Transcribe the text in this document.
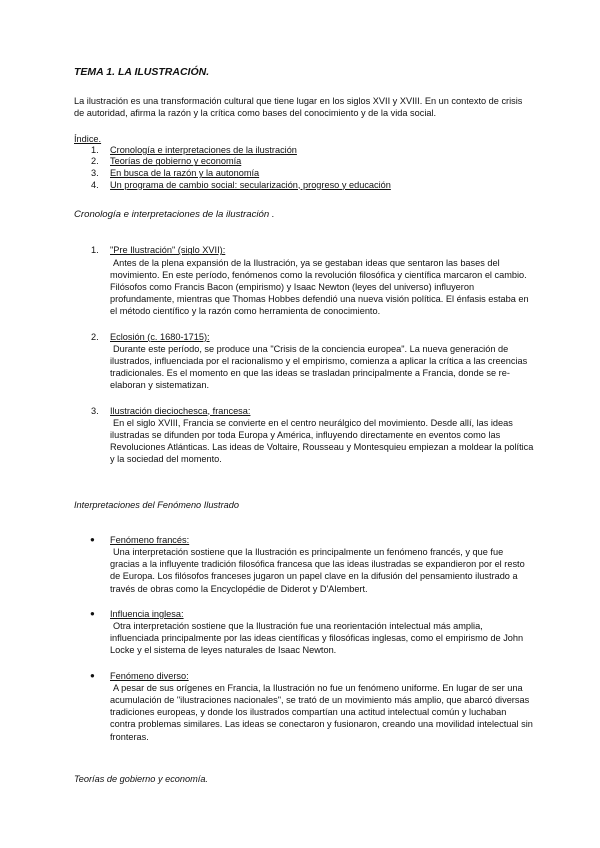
TEMA 1. LA ILUSTRACIÓN.

La ilustración es una transformación cultural que tiene lugar en los siglos XVII y XVIII. En un contexto de crisis de autoridad, afirma la razón y la crítica como bases del conocimiento y de la vida social.

Índice.

1.	Cronología e interpretaciones de la ilustración
2.	Teorías de gobierno y economía
3.	En busca de la razón y la autonomía
4.	Un programa de cambio social: secularización, progreso y educación
Cronología e interpretaciones de la ilustración .
1.	"Pre Ilustración" (siglo XVII):
Antes de la plena expansión de la Ilustración, ya se gestaban ideas que sentaron las bases del movimiento. En este período, fenómenos como la revolución filosófica y científica marcaron el cambio. Filósofos como Francis Bacon (empirismo) y Isaac Newton (leyes del universo) influyeron profundamente, mientras que Thomas Hobbes defendió una nueva visión política. El énfasis estaba en el método científico y la razón como herramienta de conocimiento.
2.	Eclosión (c. 1680-1715):
Durante este período, se produce una "Crisis de la conciencia europea". La nueva generación de ilustrados, influenciada por el racionalismo y el empirismo, comienza a aplicar la crítica a las creencias tradicionales. Es el momento en que las ideas se trasladan principalmente a Francia, donde se re-elaboran y sistematizan.
3.	Ilustración dieciochesca, francesa:
En el siglo XVIII, Francia se convierte en el centro neurálgico del movimiento. Desde allí, las ideas ilustradas se difunden por toda Europa y América, influyendo directamente en eventos como las Revoluciones Atlánticas. Las ideas de Voltaire, Rousseau y Montesquieu empiezan a moldear la política y la sociedad del momento.
Interpretaciones del Fenómeno Ilustrado
●	Fenómeno francés:
Una interpretación sostiene que la Ilustración es principalmente un fenómeno francés, y que fue gracias a la influyente tradición filosófica francesa que las ideas ilustradas se expandieron por el resto de Europa. Los filósofos franceses jugaron un papel clave en la difusión del pensamiento ilustrado a través de obras como la Encyclopédie de Diderot y D'Alembert.
●	Influencia inglesa:
Otra interpretación sostiene que la Ilustración fue una reorientación intelectual más amplia, influenciada principalmente por las ideas científicas y filosóficas inglesas, como el empirismo de John Locke y el sistema de leyes naturales de Isaac Newton.
●	Fenómeno diverso:
A pesar de sus orígenes en Francia, la Ilustración no fue un fenómeno uniforme. En lugar de ser una acumulación de "ilustraciones nacionales", se trató de un movimiento más amplio, que abarcó diversas tradiciones europeas, y donde los ilustrados compartían una actitud intelectual común y luchaban contra problemas similares. Las ideas se conectaron y fusionaron, creando una movilidad intelectual sin fronteras.
Teorías de gobierno y economía.
